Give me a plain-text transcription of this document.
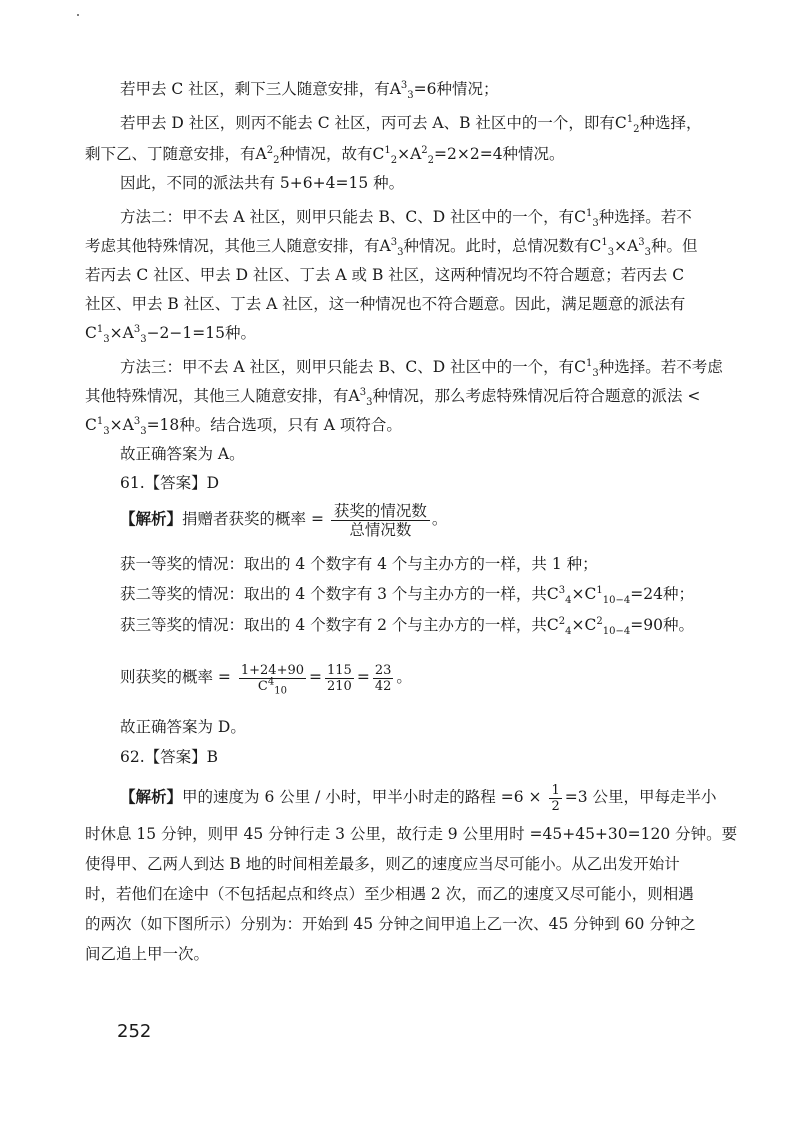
若甲去 C 社区，剩下三人随意安排，有$A^3_3=6$种情况；
若甲去 D 社区，则丙不能去 C 社区，丙可去 A、B 社区中的一个，即有$C^1_2$种选择，
剩下乙、丁随意安排，有$A^2_2$种情况，故有$C^1_2\times A^2_2=2\times 2=4$种情况。
因此，不同的派法共有 5+6+4=15 种。
方法二：甲不去 A 社区，则甲只能去 B、C、D 社区中的一个，有$C^1_3$种选择。若不
考虑其他特殊情况，其他三人随意安排，有$A^3_3$种情况。此时，总情况数有$C^1_3\times A^3_3$种。但
若丙去 C 社区、甲去 D 社区、丁去 A 或 B 社区，这两种情况均不符合题意；若丙去 C
社区、甲去 B 社区、丁去 A 社区，这一种情况也不符合题意。因此，满足题意的派法有
$C^1_3\times A^3_3-2-1=15$种。
方法三：甲不去 A 社区，则甲只能去 B、C、D 社区中的一个，有$C^1_3$种选择。若不考虑
其他特殊情况，其他三人随意安排，有$A^3_3$种情况，那么考虑特殊情况后符合题意的派法 <
$C^1_3\times A^3_3=18$种。结合选项，只有 A 项符合。
故正确答案为 A。
61.【答案】D
【解析】捐赠者获奖的概率 = $\frac{\text{获奖的情况数}}{\text{总情况数}}$ 。
获一等奖的情况：取出的 4 个数字有 4 个与主办方的一样，共 1 种；
获二等奖的情况：取出的 4 个数字有 3 个与主办方的一样，共$C^3_4\times C^1_{10-4}=24$种；
获三等奖的情况：取出的 4 个数字有 2 个与主办方的一样，共$C^2_4\times C^2_{10-4}=90$种。
则获奖的概率 = $\frac{1+24+90}{C^4_{10}} = \frac{115}{210} = \frac{23}{42}$ 。
故正确答案为 D。
62.【答案】B
【解析】甲的速度为 6 公里 / 小时，甲半小时走的路程 $=6 \times \frac{1}{2} =3$ 公里，甲每走半小
时休息 15 分钟，则甲 45 分钟行走 3 公里，故行走 9 公里用时 =45+45+30=120 分钟。要
使得甲、乙两人到达 B 地的时间相差最多，则乙的速度应当尽可能小。从乙出发开始计
时，若他们在途中（不包括起点和终点）至少相遇 2 次，而乙的速度又尽可能小，则相遇
的两次（如下图所示）分别为：开始到 45 分钟之间甲追上乙一次、45 分钟到 60 分钟之
间乙追上甲一次。
252
